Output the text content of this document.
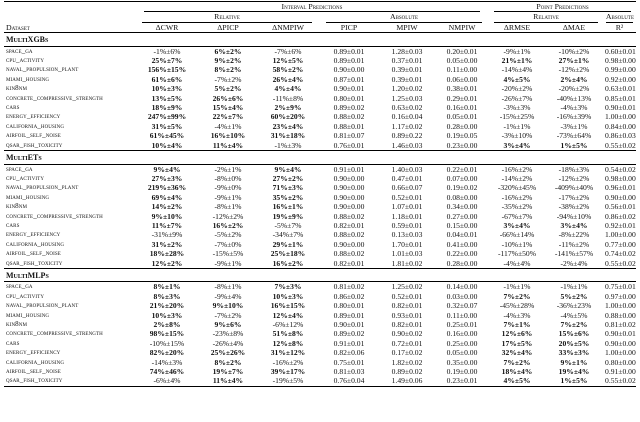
	Interval Predictions						Point Predictions		
	Relative			Absolute			Relative		Absolute
Dataset	ΔCWR	ΔPICP	ΔNMPIW	PICP	MPIW	NMPIW	ΔRMSE	ΔMAE	R²
MultiXGBs									
space_ga	-1%±6%	6%±2%	-7%±6%	0.89±0.01	1.28±0.03	0.20±0.01	-9%±1%	-10%±2%	0.60±0.01
cpu_activity	25%±7%	9%±2%	12%±5%	0.89±0.01	0.37±0.01	0.05±0.00	21%±1%	27%±1%	0.98±0.00
naval_propulsion_plant	156%±15%	8%±2%	58%±2%	0.90±0.00	0.39±0.01	0.11±0.00	-14%±4%	-12%±2%	0.99±0.00
miami_housing	61%±6%	-7%±2%	26%±4%	0.87±0.01	0.39±0.01	0.06±0.00	4%±5%	2%±4%	0.92±0.00
kin8nm	10%±3%	5%±2%	4%±4%	0.90±0.01	1.20±0.02	0.38±0.01	-20%±2%	-20%±2%	0.63±0.01
concrete_compressive_strength	13%±5%	26%±6%	-11%±8%	0.80±0.01	1.25±0.03	0.29±0.01	-26%±7%	-40%±13%	0.85±0.01
cars	18%±9%	15%±4%	2%±9%	0.89±0.02	0.63±0.02	0.16±0.01	-3%±3%	-4%±3%	0.90±0.01
energy_efficiency	247%±99%	22%±7%	60%±20%	0.88±0.02	0.16±0.04	0.05±0.01	-15%±25%	-16%±39%	1.00±0.00
california_housing	31%±5%	-4%±1%	23%±4%	0.88±0.01	1.17±0.02	0.28±0.00	-1%±1%	-3%±1%	0.84±0.00
airfoil_self_noise	61%±45%	16%±10%	31%±18%	0.81±0.07	0.89±0.22	0.19±0.05	-3%±10%	-73%±64%	0.86±0.03
qsar_fish_toxicity	10%±4%	11%±4%	-1%±3%	0.76±0.01	1.46±0.03	0.23±0.00	3%±4%	1%±5%	0.55±0.02
MultiETs									
space_ga	9%±4%	-2%±1%	9%±4%	0.91±0.01	1.40±0.03	0.22±0.01	-16%±2%	-18%±3%	0.54±0.02
cpu_activity	27%±3%	-8%±0%	27%±2%	0.90±0.00	0.47±0.01	0.07±0.00	-14%±2%	-12%±2%	0.98±0.00
naval_propulsion_plant	219%±36%	-9%±0%	71%±3%	0.90±0.00	0.66±0.07	0.19±0.02	-320%±45%	-409%±40%	0.96±0.01
miami_housing	69%±4%	-9%±1%	35%±2%	0.90±0.00	0.52±0.01	0.08±0.00	-16%±2%	-17%±2%	0.90±0.00
kin8nm	14%±2%	-8%±1%	16%±1%	0.90±0.00	1.07±0.01	0.34±0.00	-35%±2%	-38%±2%	0.56±0.01
concrete_compressive_strength	9%±10%	-12%±2%	19%±9%	0.88±0.02	1.18±0.01	0.27±0.00	-67%±7%	-94%±10%	0.86±0.02
cars	11%±7%	16%±2%	-5%±7%	0.82±0.01	0.59±0.01	0.15±0.00	3%±4%	3%±4%	0.92±0.01
energy_efficiency	-31%±9%	-5%±2%	-34%±7%	0.88±0.02	0.13±0.03	0.04±0.01	-66%±14%	-8%±22%	1.00±0.00
california_housing	31%±2%	-7%±0%	29%±1%	0.90±0.00	1.70±0.01	0.41±0.00	-10%±1%	-11%±2%	0.77±0.00
airfoil_self_noise	18%±28%	-15%±5%	25%±18%	0.88±0.02	1.01±0.03	0.22±0.00	-117%±50%	-141%±57%	0.74±0.02
qsar_fish_toxicity	12%±2%	-9%±1%	16%±2%	0.82±0.01	1.81±0.02	0.28±0.00	-4%±4%	-2%±4%	0.55±0.02
MultiMLPs									
space_ga	8%±1%	-8%±1%	7%±3%	0.81±0.02	1.25±0.02	0.14±0.00	-1%±1%	-1%±1%	0.75±0.01
cpu_activity	8%±3%	-9%±4%	10%±3%	0.86±0.02	0.52±0.01	0.03±0.00	7%±2%	5%±2%	0.97±0.00
naval_propulsion_plant	21%±20%	9%±10%	16%±15%	0.80±0.01	0.82±0.01	0.32±0.07	-45%±28%	-36%±23%	1.00±0.00
miami_housing	10%±3%	-7%±2%	12%±4%	0.89±0.01	0.93±0.01	0.11±0.00	-4%±3%	-4%±5%	0.88±0.00
kin8nm	2%±8%	9%±6%	-6%±12%	0.90±0.01	0.82±0.01	0.25±0.01	7%±1%	7%±2%	0.81±0.02
concrete_compressive_strength	98%±15%	-23%±8%	51%±8%	0.89±0.02	0.90±0.02	0.16±0.00	12%±6%	15%±6%	0.90±0.01
cars	-10%±15%	-26%±4%	12%±8%	0.91±0.01	0.72±0.01	0.25±0.00	17%±5%	20%±5%	0.90±0.00
energy_efficiency	82%±20%	25%±26%	31%±12%	0.82±0.06	0.17±0.02	0.05±0.00	32%±4%	33%±3%	1.00±0.00
california_housing	-14%±3%	8%±2%	-16%±2%	0.75±0.01	1.82±0.02	0.35±0.00	7%±2%	9%±1%	0.80±0.00
airfoil_self_noise	74%±46%	19%±7%	39%±17%	0.81±0.03	0.89±0.02	0.19±0.00	18%±4%	19%±4%	0.91±0.00
qsar_fish_toxicity	-6%±4%	11%±4%	-19%±5%	0.76±0.04	1.49±0.06	0.23±0.01	4%±5%	1%±5%	0.55±0.02
